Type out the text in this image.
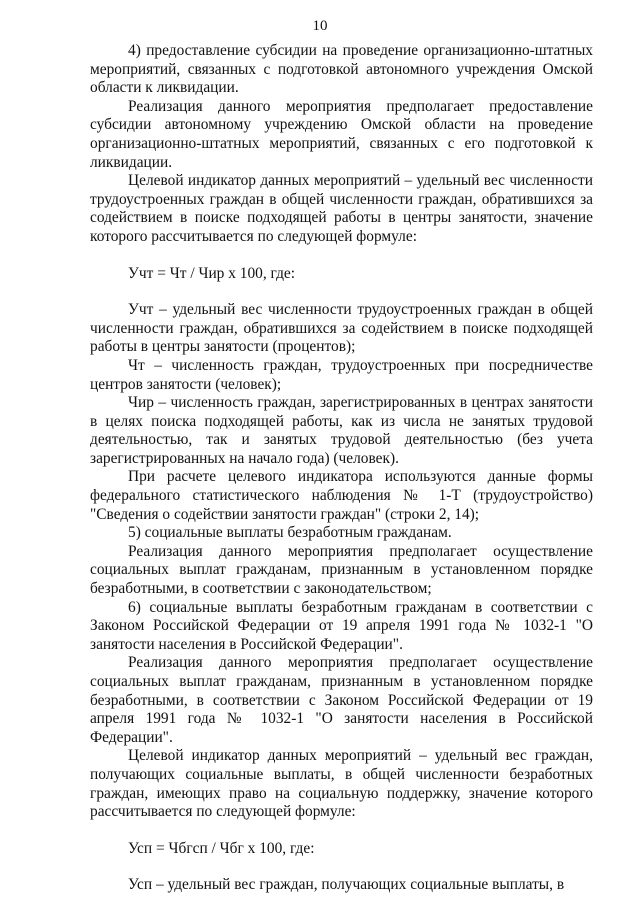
10

4) предоставление субсидии на проведение организационно-штатных мероприятий, связанных с подготовкой автономного учреждения Омской области к ликвидации.

Реализация данного мероприятия предполагает предоставление субсидии автономному учреждению Омской области на проведение организационно-штатных мероприятий, связанных с его подготовкой к ликвидации.

Целевой индикатор данных мероприятий – удельный вес численности трудоустроенных граждан в общей численности граждан, обратившихся за содействием в поиске подходящей работы в центры занятости, значение которого рассчитывается по следующей формуле:

Учт = Чт / Чир x 100, где:

Учт – удельный вес численности трудоустроенных граждан в общей численности граждан, обратившихся за содействием в поиске подходящей работы в центры занятости (процентов);

Чт – численность граждан, трудоустроенных при посредничестве центров занятости (человек);

Чир – численность граждан, зарегистрированных в центрах занятости в целях поиска подходящей работы, как из числа не занятых трудовой деятельностью, так и занятых трудовой деятельностью (без учета зарегистрированных на начало года) (человек).

При расчете целевого индикатора используются данные формы федерального статистического наблюдения № 1-Т (трудоустройство) "Сведения о содействии занятости граждан" (строки 2, 14);

5) социальные выплаты безработным гражданам.

Реализация данного мероприятия предполагает осуществление социальных выплат гражданам, признанным в установленном порядке безработными, в соответствии с законодательством;

6) социальные выплаты безработным гражданам в соответствии с Законом Российской Федерации от 19 апреля 1991 года № 1032-1 "О занятости населения в Российской Федерации".

Реализация данного мероприятия предполагает осуществление социальных выплат гражданам, признанным в установленном порядке безработными, в соответствии с Законом Российской Федерации от 19 апреля 1991 года № 1032-1 "О занятости населения в Российской Федерации".

Целевой индикатор данных мероприятий – удельный вес граждан, получающих социальные выплаты, в общей численности безработных граждан, имеющих право на социальную поддержку, значение которого рассчитывается по следующей формуле:

Усп = Чбгсп / Чбг x 100, где:

Усп – удельный вес граждан, получающих социальные выплаты, в
